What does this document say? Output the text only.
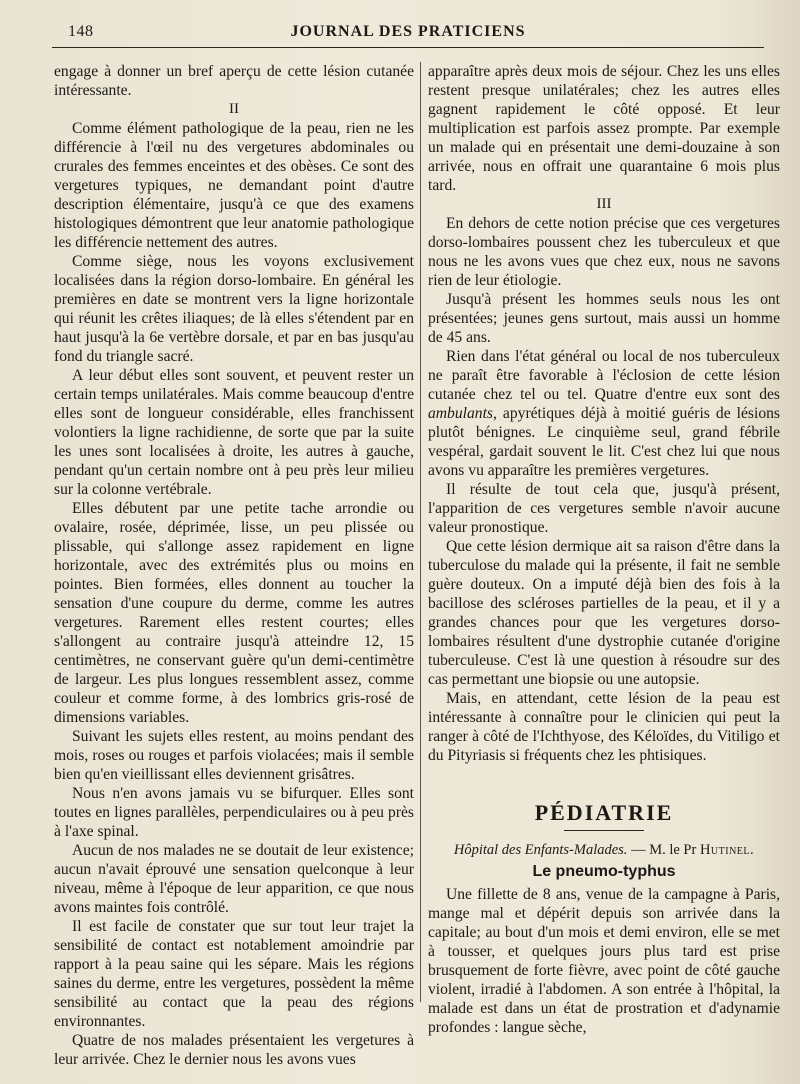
148	JOURNAL DES PRATICIENS

engage à donner un bref aperçu de cette lésion cutanée intéressante.

II

Comme élément pathologique de la peau, rien ne les différencie à l'œil nu des vergetures abdominales ou crurales des femmes enceintes et des obèses. Ce sont des vergetures typiques, ne demandant point d'autre description élémentaire, jusqu'à ce que des examens histologiques démontrent que leur anatomie pathologique les différencie nettement des autres.

Comme siège, nous les voyons exclusivement localisées dans la région dorso-lombaire. En général les premières en date se montrent vers la ligne horizontale qui réunit les crêtes iliaques; de là elles s'étendent par en haut jusqu'à la 6e vertèbre dorsale, et par en bas jusqu'au fond du triangle sacré.

A leur début elles sont souvent, et peuvent rester un certain temps unilatérales. Mais comme beaucoup d'entre elles sont de longueur considérable, elles franchissent volontiers la ligne rachidienne, de sorte que par la suite les unes sont localisées à droite, les autres à gauche, pendant qu'un certain nombre ont à peu près leur milieu sur la colonne vertébrale.

Elles débutent par une petite tache arrondie ou ovalaire, rosée, déprimée, lisse, un peu plissée ou plissable, qui s'allonge assez rapidement en ligne horizontale, avec des extrémités plus ou moins en pointes. Bien formées, elles donnent au toucher la sensation d'une coupure du derme, comme les autres vergetures. Rarement elles restent courtes; elles s'allongent au contraire jusqu'à atteindre 12, 15 centimètres, ne conservant guère qu'un demi-centimètre de largeur. Les plus longues ressemblent assez, comme couleur et comme forme, à des lombrics gris-rosé de dimensions variables.

Suivant les sujets elles restent, au moins pendant des mois, roses ou rouges et parfois violacées; mais il semble bien qu'en vieillissant elles deviennent grisâtres.

Nous n'en avons jamais vu se bifurquer. Elles sont toutes en lignes parallèles, perpendiculaires ou à peu près à l'axe spinal.

Aucun de nos malades ne se doutait de leur existence; aucun n'avait éprouvé une sensation quelconque à leur niveau, même à l'époque de leur apparition, ce que nous avons maintes fois contrôlé.

Il est facile de constater que sur tout leur trajet la sensibilité de contact est notablement amoindrie par rapport à la peau saine qui les sépare. Mais les régions saines du derme, entre les vergetures, possèdent la même sensibilité au contact que la peau des régions environnantes.

Quatre de nos malades présentaient les vergetures à leur arrivée. Chez le dernier nous les avons vues

apparaître après deux mois de séjour. Chez les uns elles restent presque unilatérales; chez les autres elles gagnent rapidement le côté opposé. Et leur multiplication est parfois assez prompte. Par exemple un malade qui en présentait une demi-douzaine à son arrivée, nous en offrait une quarantaine 6 mois plus tard.

III

En dehors de cette notion précise que ces vergetures dorso-lombaires poussent chez les tuberculeux et que nous ne les avons vues que chez eux, nous ne savons rien de leur étiologie.

Jusqu'à présent les hommes seuls nous les ont présentées; jeunes gens surtout, mais aussi un homme de 45 ans.

Rien dans l'état général ou local de nos tuberculeux ne paraît être favorable à l'éclosion de cette lésion cutanée chez tel ou tel. Quatre d'entre eux sont des ambulants, apyrétiques déjà à moitié guéris de lésions plutôt bénignes. Le cinquième seul, grand fébrile vespéral, gardait souvent le lit. C'est chez lui que nous avons vu apparaître les premières vergetures.

Il résulte de tout cela que, jusqu'à présent, l'apparition de ces vergetures semble n'avoir aucune valeur pronostique.

Que cette lésion dermique ait sa raison d'être dans la tuberculose du malade qui la présente, il fait ne semble guère douteux. On a imputé déjà bien des fois à la bacillose des scléroses partielles de la peau, et il y a grandes chances pour que les vergetures dorso-lombaires résultent d'une dystrophie cutanée d'origine tuberculeuse. C'est là une question à résoudre sur des cas permettant une biopsie ou une autopsie.

Mais, en attendant, cette lésion de la peau est intéressante à connaître pour le clinicien qui peut la ranger à côté de l'Ichthyose, des Kéloïdes, du Vitiligo et du Pityriasis si fréquents chez les phtisiques.

PÉDIATRIE
Hôpital des Enfants-Malades. — M. le Pr Hutinel.
Le pneumo-typhus

Une fillette de 8 ans, venue de la campagne à Paris, mange mal et dépérit depuis son arrivée dans la capitale; au bout d'un mois et demi environ, elle se met à tousser, et quelques jours plus tard est prise brusquement de forte fièvre, avec point de côté gauche violent, irradié à l'abdomen. A son entrée à l'hôpital, la malade est dans un état de prostration et d'adynamie profondes : langue sèche,
